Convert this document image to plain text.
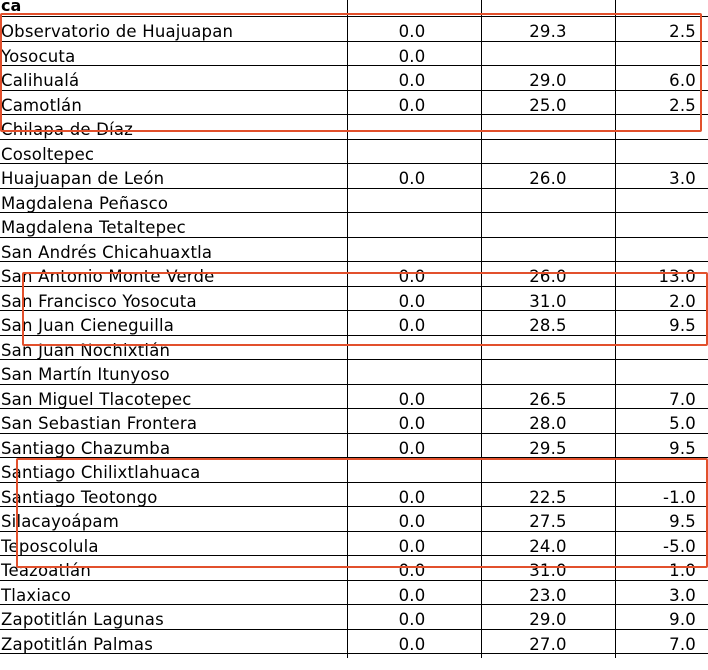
ca
Observatorio de Huajuapan	0.0	29.3	2.5
Yosocuta	0.0
Calihualá	0.0	29.0	6.0
Camotlán	0.0	25.0	2.5
Chilapa de Díaz
Cosoltepec
Huajuapan de León	0.0	26.0	3.0
Magdalena Peñasco
Magdalena Tetaltepec
San Andrés Chicahuaxtla
San Antonio Monte Verde	0.0	26.0	13.0
San Francisco Yosocuta	0.0	31.0	2.0
San Juan Cieneguilla	0.0	28.5	9.5
San Juan Nochixtlán
San Martín Itunyoso
San Miguel Tlacotepec	0.0	26.5	7.0
San Sebastian Frontera	0.0	28.0	5.0
Santiago Chazumba	0.0	29.5	9.5
Santiago Chilixtlahuaca
Santiago Teotongo	0.0	22.5	-1.0
Silacayoápam	0.0	27.5	9.5
Teposcolula	0.0	24.0	-5.0
Teazoatlán	0.0	31.0	1.0
Tlaxiaco	0.0	23.0	3.0
Zapotitlán Lagunas	0.0	29.0	9.0
Zapotitlán Palmas	0.0	27.0	7.0
